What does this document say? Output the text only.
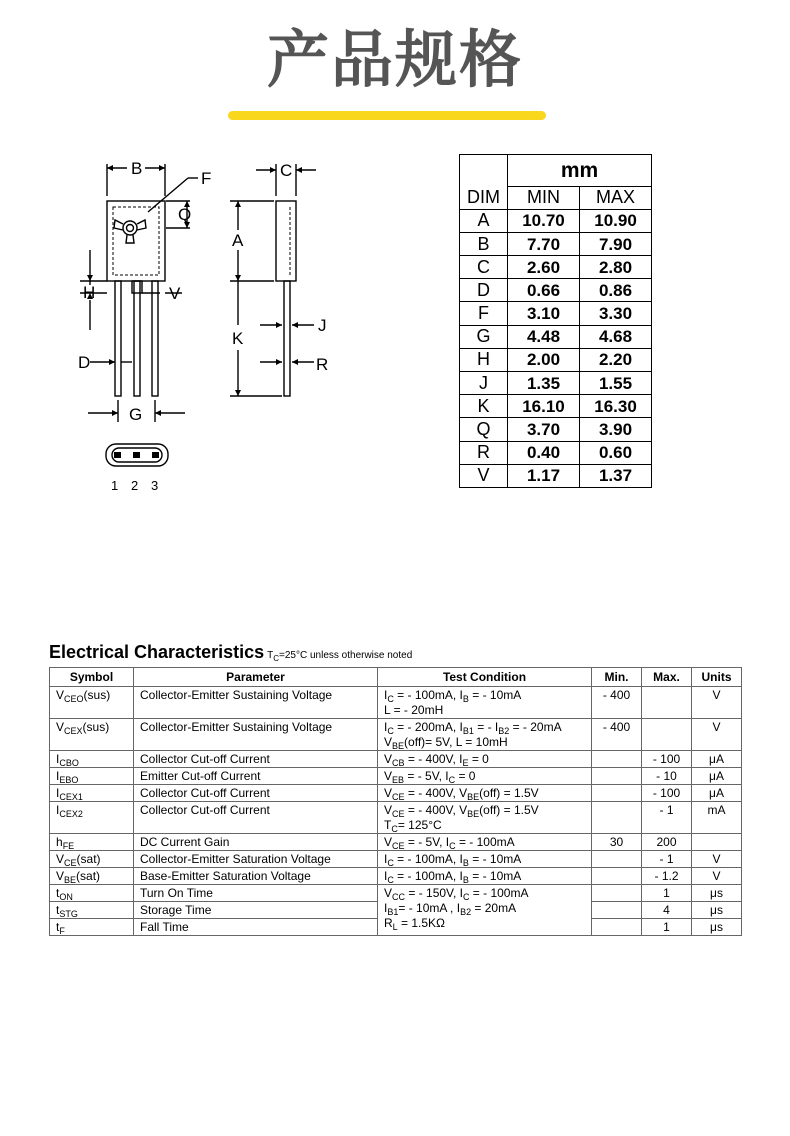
产品规格
B
F	C
Q
A
H	V
J
K
D	R
G
1 2 3
	mm	
DIM	MIN	MAX
A	10.70	10.90
B	7.70	7.90
C	2.60	2.80
D	0.66	0.86
F	3.10	3.30
G	4.48	4.68
H	2.00	2.20
J	1.35	1.55
K	16.10	16.30
Q	3.70	3.90
R	0.40	0.60
V	1.17	1.37
Electrical Characteristics $T_C=25^\circ C$ unless otherwise noted
Symbol	Parameter	Test Condition	Min.	Max.	Units
$V_{CEO}(sus)$	Collector-Emitter Sustaining Voltage	$I_C$ = - 100mA, $I_B$ = - 10mA
L = - 20mH	- 400		V
$V_{CEX}(sus)$	Collector-Emitter Sustaining Voltage	$I_C$ = - 200mA, $I_{B1}$ = - $I_{B2}$ = - 20mA
$V_{BE}(off)= 5V$, L = 10mH	- 400		V
$I_{CBO}$	Collector Cut-off Current	$V_{CB}$ = - 400V, $I_E = 0$		- 100	μA
$I_{EBO}$	Emitter Cut-off Current	$V_{EB}$ = - 5V, $I_C = 0$		- 10	μA
$I_{CEX1}$	Collector Cut-off Current	$V_{CE}$ = - 400V, $V_{BE}(off) = 1.5V$		- 100	μA
$I_{CEX2}$	Collector Cut-off Current	$V_{CE}$ = - 400V, $V_{BE}(off) = 1.5V$
$T_C= 125^\circ C$		- 1	mA
$h_{FE}$	DC Current Gain	$V_{CE}$ = - 5V, $I_C$ = - 100mA	30	200	
$V_{CE}(sat)$	Collector-Emitter Saturation Voltage	$I_C$ = - 100mA, $I_B$ = - 10mA		- 1	V
$V_{BE}(sat)$	Base-Emitter Saturation Voltage	$I_C$ = - 100mA, $I_B$ = - 10mA		- 1.2	V
$t_{ON}$	Turn On Time	$V_{CC}$ = - 150V, $I_C$ = - 100mA
$I_{B1}= - 10mA$ , $I_{B2} = 20mA$
$R_L = 1.5K\Omega$		1	μs
$t_{STG}$	Storage Time			4	μs
$t_F$	Fall Time			1	μs
